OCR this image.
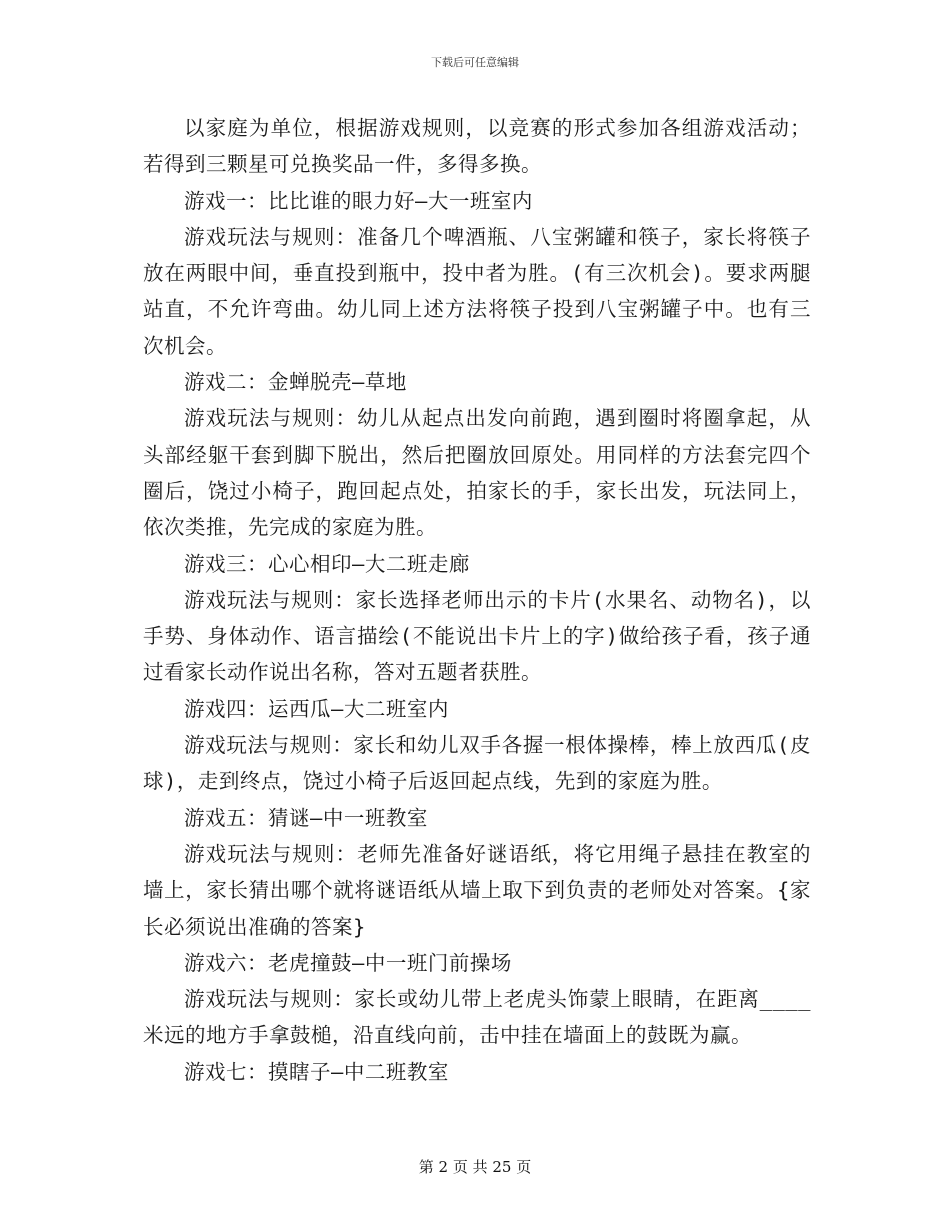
下载后可任意编辑

以家庭为单位，根据游戏规则，以竞赛的形式参加各组游戏活动；若得到三颗星可兑换奖品一件，多得多换。

游戏一：比比谁的眼力好—大一班室内

游戏玩法与规则：准备几个啤酒瓶、八宝粥罐和筷子，家长将筷子放在两眼中间，垂直投到瓶中，投中者为胜。(有三次机会)。要求两腿站直，不允许弯曲。幼儿同上述方法将筷子投到八宝粥罐子中。也有三次机会。

游戏二：金蝉脱壳—草地

游戏玩法与规则：幼儿从起点出发向前跑，遇到圈时将圈拿起，从头部经躯干套到脚下脱出，然后把圈放回原处。用同样的方法套完四个圈后，饶过小椅子，跑回起点处，拍家长的手，家长出发，玩法同上，依次类推，先完成的家庭为胜。

游戏三：心心相印—大二班走廊

游戏玩法与规则：家长选择老师出示的卡片(水果名、动物名)，以手势、身体动作、语言描绘(不能说出卡片上的字)做给孩子看，孩子通过看家长动作说出名称，答对五题者获胜。

游戏四：运西瓜—大二班室内

游戏玩法与规则：家长和幼儿双手各握一根体操棒，棒上放西瓜(皮球)，走到终点，饶过小椅子后返回起点线，先到的家庭为胜。

游戏五：猜谜—中一班教室

游戏玩法与规则：老师先准备好谜语纸，将它用绳子悬挂在教室的墙上，家长猜出哪个就将谜语纸从墙上取下到负责的老师处对答案。{家长必须说出准确的答案}

游戏六：老虎撞鼓—中一班门前操场

游戏玩法与规则：家长或幼儿带上老虎头饰蒙上眼睛，在距离____米远的地方手拿鼓槌，沿直线向前，击中挂在墙面上的鼓既为赢。

游戏七：摸瞎子—中二班教室

第 2 页 共 25 页
